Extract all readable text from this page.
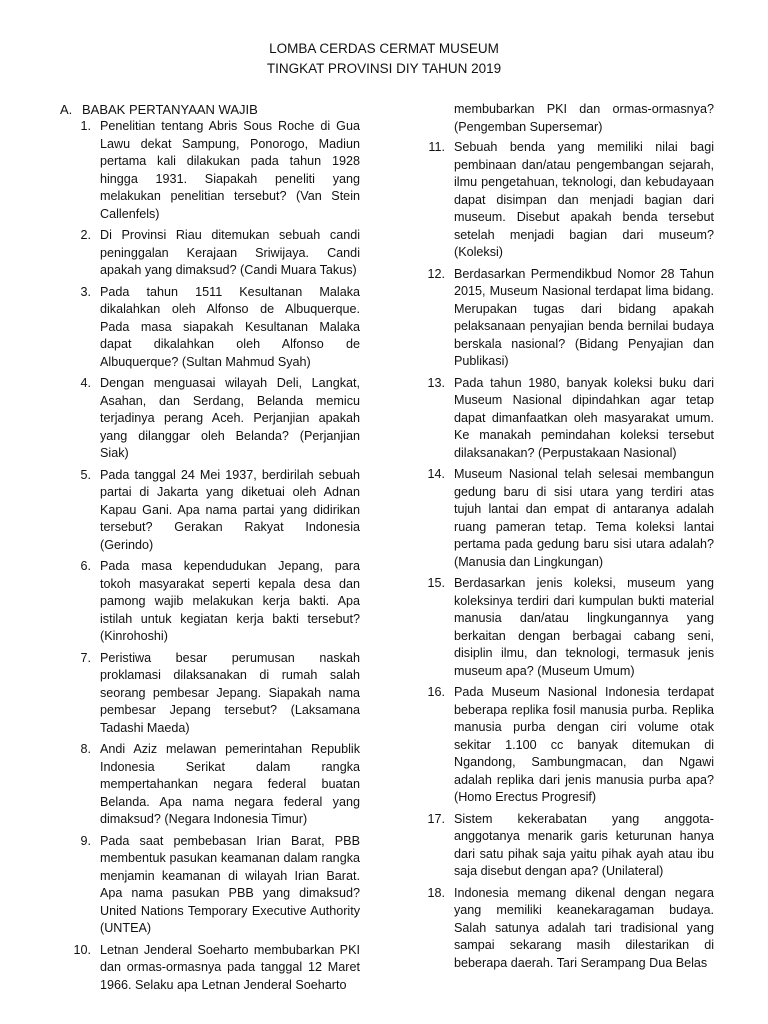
LOMBA CERDAS CERMAT MUSEUM
TINGKAT PROVINSI DIY TAHUN 2019
A. BABAK PERTANYAAN WAJIB
1. Penelitian tentang Abris Sous Roche di Gua Lawu dekat Sampung, Ponorogo, Madiun pertama kali dilakukan pada tahun 1928 hingga 1931. Siapakah peneliti yang melakukan penelitian tersebut? (Van Stein Callenfels)
2. Di Provinsi Riau ditemukan sebuah candi peninggalan Kerajaan Sriwijaya. Candi apakah yang dimaksud? (Candi Muara Takus)
3. Pada tahun 1511 Kesultanan Malaka dikalahkan oleh Alfonso de Albuquerque. Pada masa siapakah Kesultanan Malaka dapat dikalahkan oleh Alfonso de Albuquerque? (Sultan Mahmud Syah)
4. Dengan menguasai wilayah Deli, Langkat, Asahan, dan Serdang, Belanda memicu terjadinya perang Aceh. Perjanjian apakah yang dilanggar oleh Belanda? (Perjanjian Siak)
5. Pada tanggal 24 Mei 1937, berdirilah sebuah partai di Jakarta yang diketuai oleh Adnan Kapau Gani. Apa nama partai yang didirikan tersebut? Gerakan Rakyat Indonesia (Gerindo)
6. Pada masa kependudukan Jepang, para tokoh masyarakat seperti kepala desa dan pamong wajib melakukan kerja bakti. Apa istilah untuk kegiatan kerja bakti tersebut? (Kinrohoshi)
7. Peristiwa besar perumusan naskah proklamasi dilaksanakan di rumah salah seorang pembesar Jepang. Siapakah nama pembesar Jepang tersebut? (Laksamana Tadashi Maeda)
8. Andi Aziz melawan pemerintahan Republik Indonesia Serikat dalam rangka mempertahankan negara federal buatan Belanda. Apa nama negara federal yang dimaksud? (Negara Indonesia Timur)
9. Pada saat pembebasan Irian Barat, PBB membentuk pasukan keamanan dalam rangka menjamin keamanan di wilayah Irian Barat. Apa nama pasukan PBB yang dimaksud? United Nations Temporary Executive Authority (UNTEA)
10. Letnan Jenderal Soeharto membubarkan PKI dan ormas-ormasnya pada tanggal 12 Maret 1966. Selaku apa Letnan Jenderal Soeharto
membubarkan PKI dan ormas-ormasnya? (Pengemban Supersemar)
11. Sebuah benda yang memiliki nilai bagi pembinaan dan/atau pengembangan sejarah, ilmu pengetahuan, teknologi, dan kebudayaan dapat disimpan dan menjadi bagian dari museum. Disebut apakah benda tersebut setelah menjadi bagian dari museum? (Koleksi)
12. Berdasarkan Permendikbud Nomor 28 Tahun 2015, Museum Nasional terdapat lima bidang. Merupakan tugas dari bidang apakah pelaksanaan penyajian benda bernilai budaya berskala nasional? (Bidang Penyajian dan Publikasi)
13. Pada tahun 1980, banyak koleksi buku dari Museum Nasional dipindahkan agar tetap dapat dimanfaatkan oleh masyarakat umum. Ke manakah pemindahan koleksi tersebut dilaksanakan? (Perpustakaan Nasional)
14. Museum Nasional telah selesai membangun gedung baru di sisi utara yang terdiri atas tujuh lantai dan empat di antaranya adalah ruang pameran tetap. Tema koleksi lantai pertama pada gedung baru sisi utara adalah? (Manusia dan Lingkungan)
15. Berdasarkan jenis koleksi, museum yang koleksinya terdiri dari kumpulan bukti material manusia dan/atau lingkungannya yang berkaitan dengan berbagai cabang seni, disiplin ilmu, dan teknologi, termasuk jenis museum apa? (Museum Umum)
16. Pada Museum Nasional Indonesia terdapat beberapa replika fosil manusia purba. Replika manusia purba dengan ciri volume otak sekitar 1.100 cc banyak ditemukan di Ngandong, Sambungmacan, dan Ngawi adalah replika dari jenis manusia purba apa? (Homo Erectus Progresif)
17. Sistem kekerabatan yang anggota-anggotanya menarik garis keturunan hanya dari satu pihak saja yaitu pihak ayah atau ibu saja disebut dengan apa? (Unilateral)
18. Indonesia memang dikenal dengan negara yang memiliki keanekaragaman budaya. Salah satunya adalah tari tradisional yang sampai sekarang masih dilestarikan di beberapa daerah. Tari Serampang Dua Belas
